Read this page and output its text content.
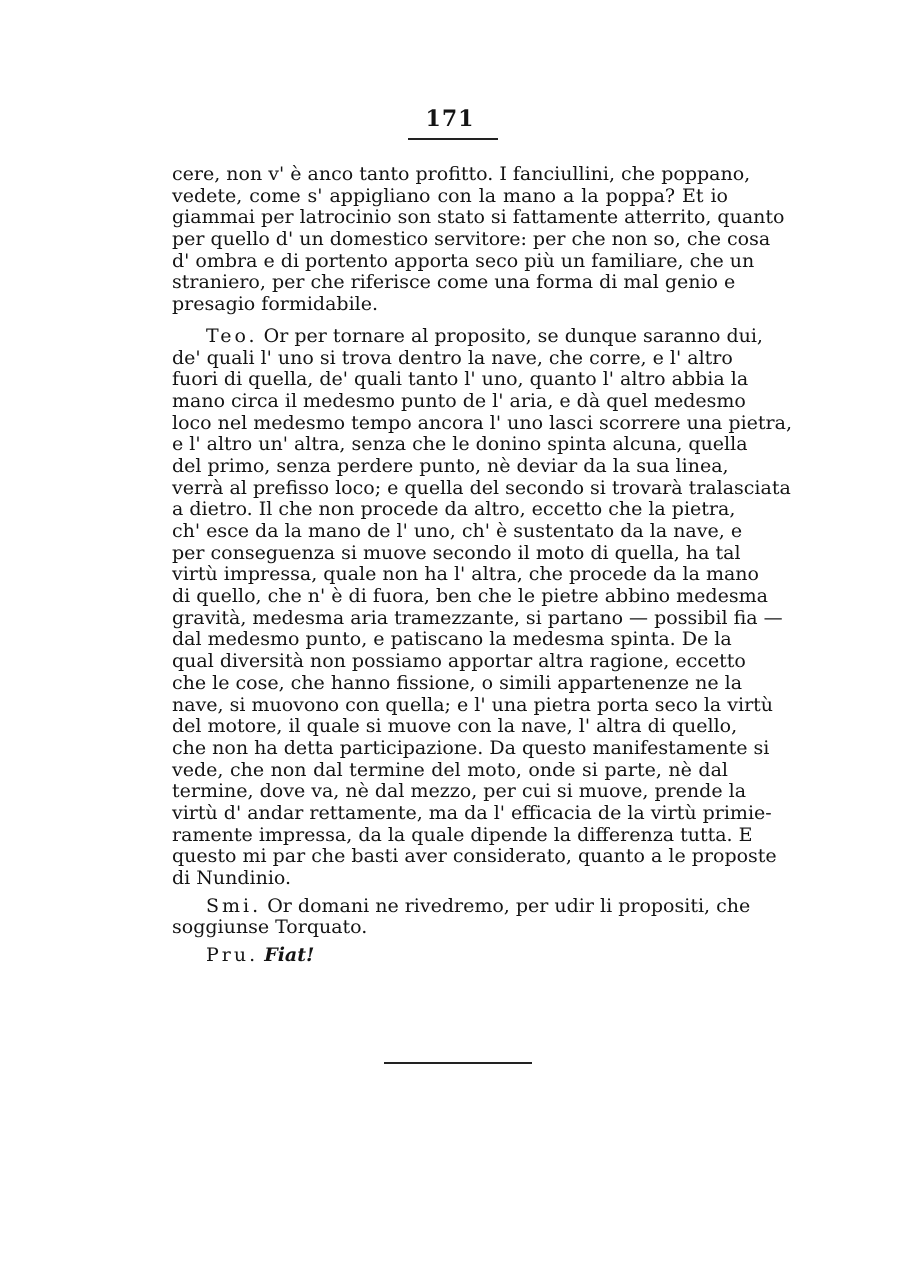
171
cere, non v' è anco tanto profitto. I fanciullini, che poppano,
vedete, come s' appigliano con la mano a la poppa? Et io
giammai per latrocinio son stato si fattamente atterrito, quanto
per quello d' un domestico servitore: per che non so, che cosa
d' ombra e di portento apporta seco più un familiare, che un
straniero, per che riferisce come una forma di mal genio e
presagio formidabile.
Teo. Or per tornare al proposito, se dunque saranno dui,
de' quali l' uno si trova dentro la nave, che corre, e l' altro
fuori di quella, de' quali tanto l' uno, quanto l' altro abbia la
mano circa il medesmo punto de l' aria, e dà quel medesmo
loco nel medesmo tempo ancora l' uno lasci scorrere una pietra,
e l' altro un' altra, senza che le donino spinta alcuna, quella
del primo, senza perdere punto, nè deviar da la sua linea,
verrà al prefisso loco; e quella del secondo si trovarà tralasciata
a dietro. Il che non procede da altro, eccetto che la pietra,
ch' esce da la mano de l' uno, ch' è sustentato da la nave, e
per conseguenza si muove secondo il moto di quella, ha tal
virtù impressa, quale non ha l' altra, che procede da la mano
di quello, che n' è di fuora, ben che le pietre abbino medesma
gravità, medesma aria tramezzante, si partano — possibil fia —
dal medesmo punto, e patiscano la medesma spinta. De la
qual diversità non possiamo apportar altra ragione, eccetto
che le cose, che hanno fissione, o simili appartenenze ne la
nave, si muovono con quella; e l' una pietra porta seco la virtù
del motore, il quale si muove con la nave, l' altra di quello,
che non ha detta participazione. Da questo manifestamente si
vede, che non dal termine del moto, onde si parte, nè dal
termine, dove va, nè dal mezzo, per cui si muove, prende la
virtù d' andar rettamente, ma da l' efficacia de la virtù primie-
ramente impressa, da la quale dipende la differenza tutta. E
questo mi par che basti aver considerato, quanto a le proposte
di Nundinio.
Smi. Or domani ne rivedremo, per udir li propositi, che
soggiunse Torquato.
Pru. Fiat!
